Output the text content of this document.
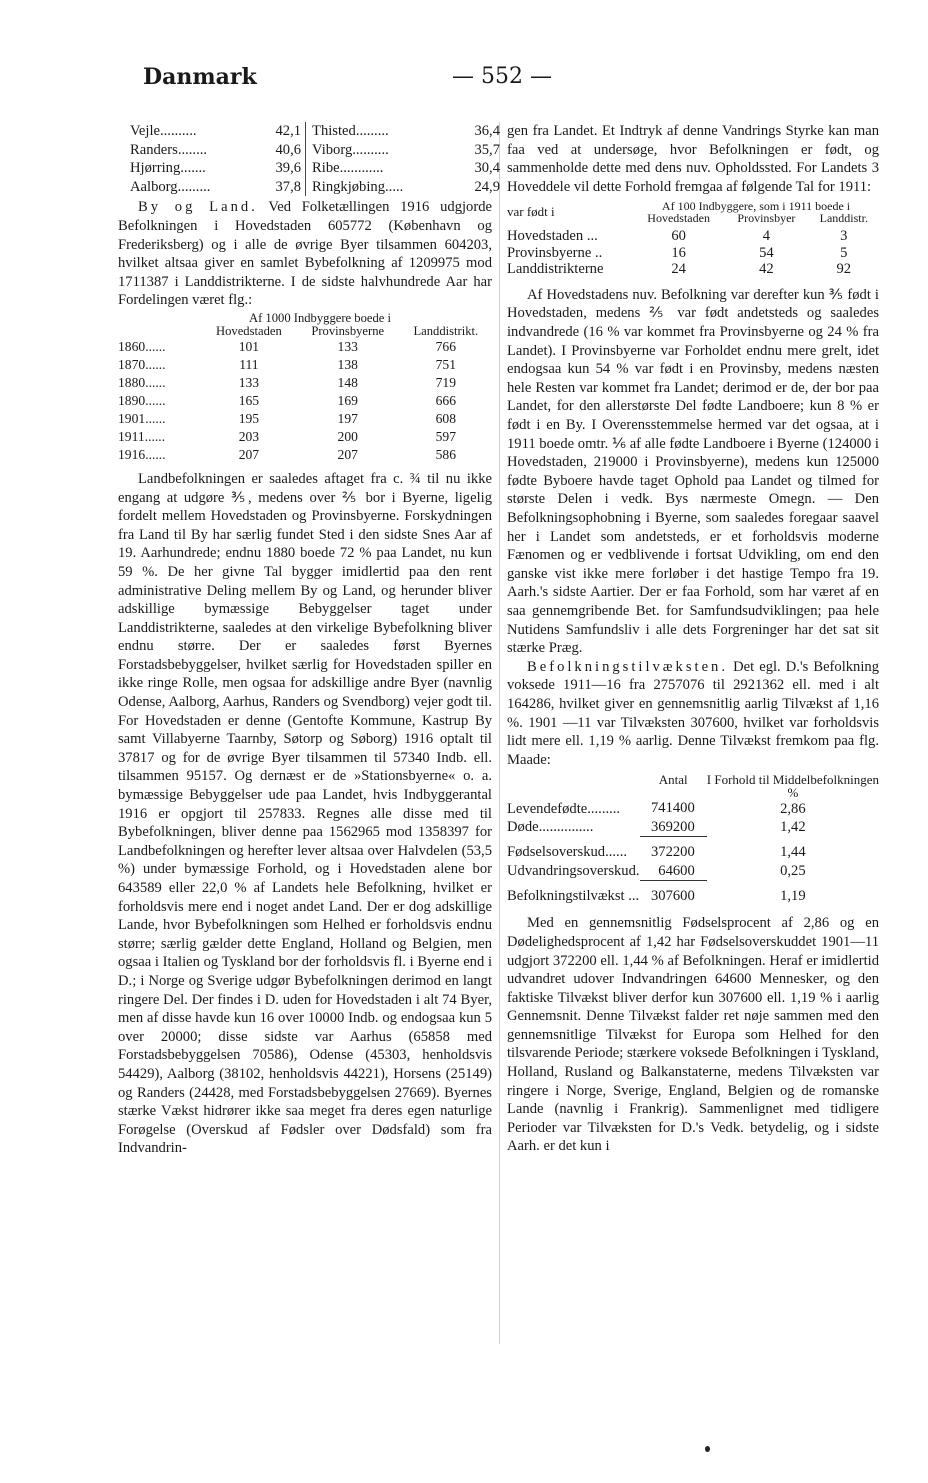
Danmark	— 552 —
Vejle..........	42,1		Thisted.........	36,4
Randers........	40,6		Viborg..........	35,7
Hjørring.......	39,6		Ribe............	30,4
Aalborg.........	37,8		Ringkjøbing.....	24,9

By og Land. Ved Folketællingen 1916 udgjorde Befolkningen i Hovedstaden 605772 (København og Frederiksberg) og i alle de øvrige Byer tilsammen 604203, hvilket altsaa giver en samlet Bybefolkning af 1209975 mod 1711387 i Landdistrikterne. I de sidste halvhundrede Aar har Fordelingen været flg.:

Af 1000 Indbyggere boede i			
	Hovedstaden	Provinsbyerne	Landdistrikt.
1860......	101	133	766
1870......	111	138	751
1880......	133	148	719
1890......	165	169	666
1901......	195	197	608
1911......	203	200	597
1916......	207	207	586

Landbefolkningen er saaledes aftaget fra c. ¾ til nu ikke engang at udgøre ⅗, medens over ⅖ bor i Byerne, ligelig fordelt mellem Hovedstaden og Provinsbyerne. Forskydningen fra Land til By har særlig fundet Sted i den sidste Snes Aar af 19. Aarhundrede; endnu 1880 boede 72 % paa Landet, nu kun 59 %. De her givne Tal bygger imidlertid paa den rent administrative Deling mellem By og Land, og herunder bliver adskillige bymæssige Bebyggelser taget under Landdistrikterne, saaledes at den virkelige Bybefolkning bliver endnu større. Der er saaledes først Byernes Forstadsbebyggelser, hvilket særlig for Hovedstaden spiller en ikke ringe Rolle, men ogsaa for adskillige andre Byer (navnlig Odense, Aalborg, Aarhus, Randers og Svendborg) vejer godt til. For Hovedstaden er denne (Gentofte Kommune, Kastrup By samt Villabyerne Taarnby, Søtorp og Søborg) 1916 optalt til 37817 og for de øvrige Byer tilsammen til 57340 Indb. ell. tilsammen 95157. Og dernæst er de »Stationsbyerne« o. a. bymæssige Bebyggelser ude paa Landet, hvis Indbyggerantal 1916 er opgjort til 257833. Regnes alle disse med til Bybefolkningen, bliver denne paa 1562965 mod 1358397 for Landbefolkningen og herefter lever altsaa over Halvdelen (53,5 %) under bymæssige Forhold, og i Hovedstaden alene bor 643589 eller 22,0 % af Landets hele Befolkning, hvilket er forholdsvis mere end i noget andet Land. Der er dog adskillige Lande, hvor Bybefolkningen som Helhed er forholdsvis endnu større; særlig gælder dette England, Holland og Belgien, men ogsaa i Italien og Tyskland bor der forholdsvis fl. i Byerne end i D.; i Norge og Sverige udgør Bybefolkningen derimod en langt ringere Del. Der findes i D. uden for Hovedstaden i alt 74 Byer, men af disse havde kun 16 over 10000 Indb. og endogsaa kun 5 over 20000; disse sidste var Aarhus (65858 med Forstadsbebyggelsen 70586), Odense (45303, henholdsvis 54429), Aalborg (38102, henholdsvis 44221), Horsens (25149) og Randers (24428, med Forstadsbebyggelsen 27669). Byernes stærke Vækst hidrører ikke saa meget fra deres egen naturlige Forøgelse (Overskud af Fødsler over Dødsfald) som fra Indvandrin-

gen fra Landet. Et Indtryk af denne Vandrings Styrke kan man faa ved at undersøge, hvor Befolkningen er født, og sammenholde dette med dens nuv. Opholdssted. For Landets 3 Hoveddele vil dette Forhold fremgaa af følgende Tal for 1911:

var født i	Af 100 Indbyggere, som i 1911 boede i		
	Hovedstaden	Provinsbyer	Landdistr.
Hovedstaden ...	60	4	3
Provinsbyerne ..	16	54	5
Landdistrikterne	24	42	92

Af Hovedstadens nuv. Befolkning var derefter kun ⅗ født i Hovedstaden, medens ⅖ var født andetsteds og saaledes indvandrede (16 % var kommet fra Provinsbyerne og 24 % fra Landet). I Provinsbyerne var Forholdet endnu mere grelt, idet endogsaa kun 54 % var født i en Provinsby, medens næsten hele Resten var kommet fra Landet; derimod er de, der bor paa Landet, for den allerstørste Del fødte Landboere; kun 8 % er født i en By. I Overensstemmelse hermed var det ogsaa, at i 1911 boede omtr. ⅙ af alle fødte Landboere i Byerne (124000 i Hovedstaden, 219000 i Provinsbyerne), medens kun 125000 fødte Byboere havde taget Ophold paa Landet og tilmed for største Delen i vedk. Bys nærmeste Omegn. — Den Befolkningsophobning i Byerne, som saaledes foregaar saavel her i Landet som andetsteds, er et forholdsvis moderne Fænomen og er vedblivende i fortsat Udvikling, om end den ganske vist ikke mere forløber i det hastige Tempo fra 19. Aarh.'s sidste Aartier. Der er faa Forhold, som har været af en saa gennemgribende Bet. for Samfundsudviklingen; paa hele Nutidens Samfundsliv i alle dets Forgreninger har det sat sit stærke Præg.

Befolkningstilvæksten. Det egl. D.'s Befolkning voksede 1911—16 fra 2757076 til 2921362 ell. med i alt 164286, hvilket giver en gennemsnitlig aarlig Tilvækst af 1,16 %. 1901 —11 var Tilvæksten 307600, hvilket var forholdsvis lidt mere ell. 1,19 % aarlig. Denne Tilvækst fremkom paa flg. Maade:

	Antal	I Forhold til Middelbefolkningen
		%
Levendefødte.........	741400	2,86
Døde...............	369200	1,42
Fødselsoverskud......	372200	1,44
Udvandringsoverskud.	64600	0,25
Befolkningstilvækst ...	307600	1,19

Med en gennemsnitlig Fødselsprocent af 2,86 og en Dødelighedsprocent af 1,42 har Fødselsoverskuddet 1901—11 udgjort 372200 ell. 1,44 % af Befolkningen. Heraf er imidlertid udvandret udover Indvandringen 64600 Mennesker, og den faktiske Tilvækst bliver derfor kun 307600 ell. 1,19 % i aarlig Gennemsnit. Denne Tilvækst falder ret nøje sammen med den gennemsnitlige Tilvækst for Europa som Helhed for den tilsvarende Periode; stærkere voksede Befolkningen i Tyskland, Holland, Rusland og Balkanstaterne, medens Tilvæksten var ringere i Norge, Sverige, England, Belgien og de romanske Lande (navnlig i Frankrig). Sammenlignet med tidligere Perioder var Tilvæksten for D.'s Vedk. betydelig, og i sidste Aarh. er det kun i
